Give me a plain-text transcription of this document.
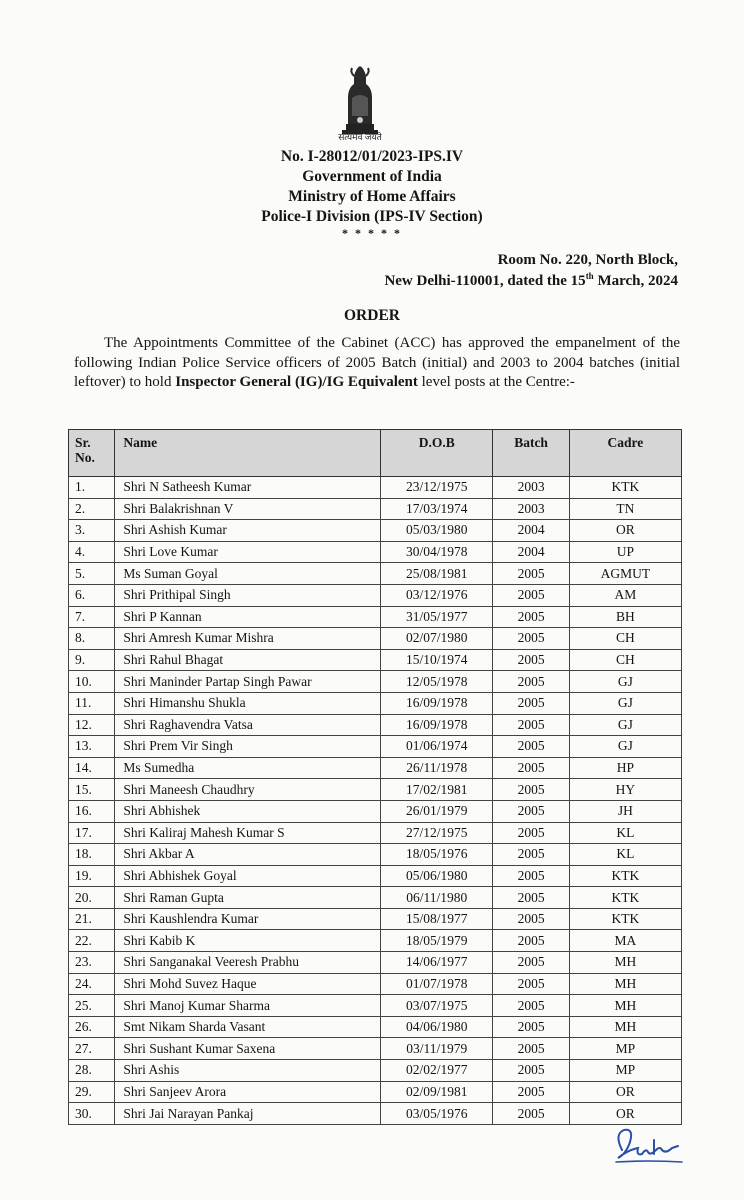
सत्यमेव जयते
No. I-28012/01/2023-IPS.IV
Government of India
Ministry of Home Affairs
Police-I Division (IPS-IV Section)
* * * * *
Room No. 220, North Block,
New Delhi-110001, dated the 15th March, 2024
ORDER
The Appointments Committee of the Cabinet (ACC) has approved the empanelment of the following Indian Police Service officers of 2005 Batch (initial) and 2003 to 2004 batches (initial leftover) to hold Inspector General (IG)/IG Equivalent level posts at the Centre:-
Sr. No.	Name	D.O.B	Batch	Cadre
1.	Shri N Satheesh Kumar	23/12/1975	2003	KTK
2.	Shri Balakrishnan V	17/03/1974	2003	TN
3.	Shri Ashish Kumar	05/03/1980	2004	OR
4.	Shri Love Kumar	30/04/1978	2004	UP
5.	Ms Suman Goyal	25/08/1981	2005	AGMUT
6.	Shri Prithipal Singh	03/12/1976	2005	AM
7.	Shri P Kannan	31/05/1977	2005	BH
8.	Shri Amresh Kumar Mishra	02/07/1980	2005	CH
9.	Shri Rahul Bhagat	15/10/1974	2005	CH
10.	Shri Maninder Partap Singh Pawar	12/05/1978	2005	GJ
11.	Shri Himanshu Shukla	16/09/1978	2005	GJ
12.	Shri Raghavendra Vatsa	16/09/1978	2005	GJ
13.	Shri Prem Vir Singh	01/06/1974	2005	GJ
14.	Ms Sumedha	26/11/1978	2005	HP
15.	Shri Maneesh Chaudhry	17/02/1981	2005	HY
16.	Shri Abhishek	26/01/1979	2005	JH
17.	Shri Kaliraj Mahesh Kumar S	27/12/1975	2005	KL
18.	Shri Akbar A	18/05/1976	2005	KL
19.	Shri Abhishek Goyal	05/06/1980	2005	KTK
20.	Shri Raman Gupta	06/11/1980	2005	KTK
21.	Shri Kaushlendra Kumar	15/08/1977	2005	KTK
22.	Shri Kabib K	18/05/1979	2005	MA
23.	Shri Sanganakal Veeresh Prabhu	14/06/1977	2005	MH
24.	Shri Mohd Suvez Haque	01/07/1978	2005	MH
25.	Shri Manoj Kumar Sharma	03/07/1975	2005	MH
26.	Smt Nikam Sharda Vasant	04/06/1980	2005	MH
27.	Shri Sushant Kumar Saxena	03/11/1979	2005	MP
28.	Shri Ashis	02/02/1977	2005	MP
29.	Shri Sanjeev Arora	02/09/1981	2005	OR
30.	Shri Jai Narayan Pankaj	03/05/1976	2005	OR
